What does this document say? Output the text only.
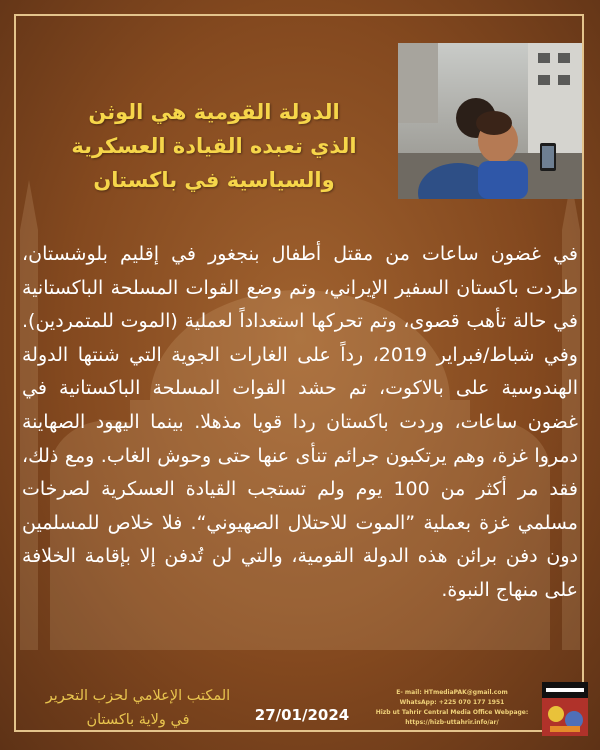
الدولة القومية هي الوثن
الذي تعبده القيادة العسكرية
والسياسية في باكستان
في غضون ساعات من مقتل أطفال بنجغور في إقليم بلوشستان، طردت باكستان السفير الإيراني، وتم وضع القوات المسلحة الباكستانية في حالة تأهب قصوى، وتم تحركها استعداداً لعملية (الموت للمتمردين). وفي شباط/فبراير 2019، رداً على الغارات الجوية التي شنتها الدولة الهندوسية على بالاكوت، تم حشد القوات المسلحة الباكستانية في غضون ساعات، وردت باكستان ردا قويا مذهلا. بينما اليهود الصهاينة دمروا غزة، وهم يرتكبون جرائم تنأى عنها حتى وحوش الغاب. ومع ذلك، فقد مر أكثر من 100 يوم ولم تستجب القيادة العسكرية لصرخات مسلمي غزة بعملية ”الموت للاحتلال الصهيوني“. فلا خلاص للمسلمين دون دفن برائن هذه الدولة القومية، والتي لن تُدفن إلا بإقامة الخلافة على منهاج النبوة.
المكتب الإعلامي لحزب التحرير
في ولاية باكستان	27/01/2024
E- mail: HTmediaPAK@gmail.com
WhatsApp: +225 070 177 1951
Hizb ut Tahrir Central Media Office Webpage:
https://hizb-uttahrir.info/ar/
